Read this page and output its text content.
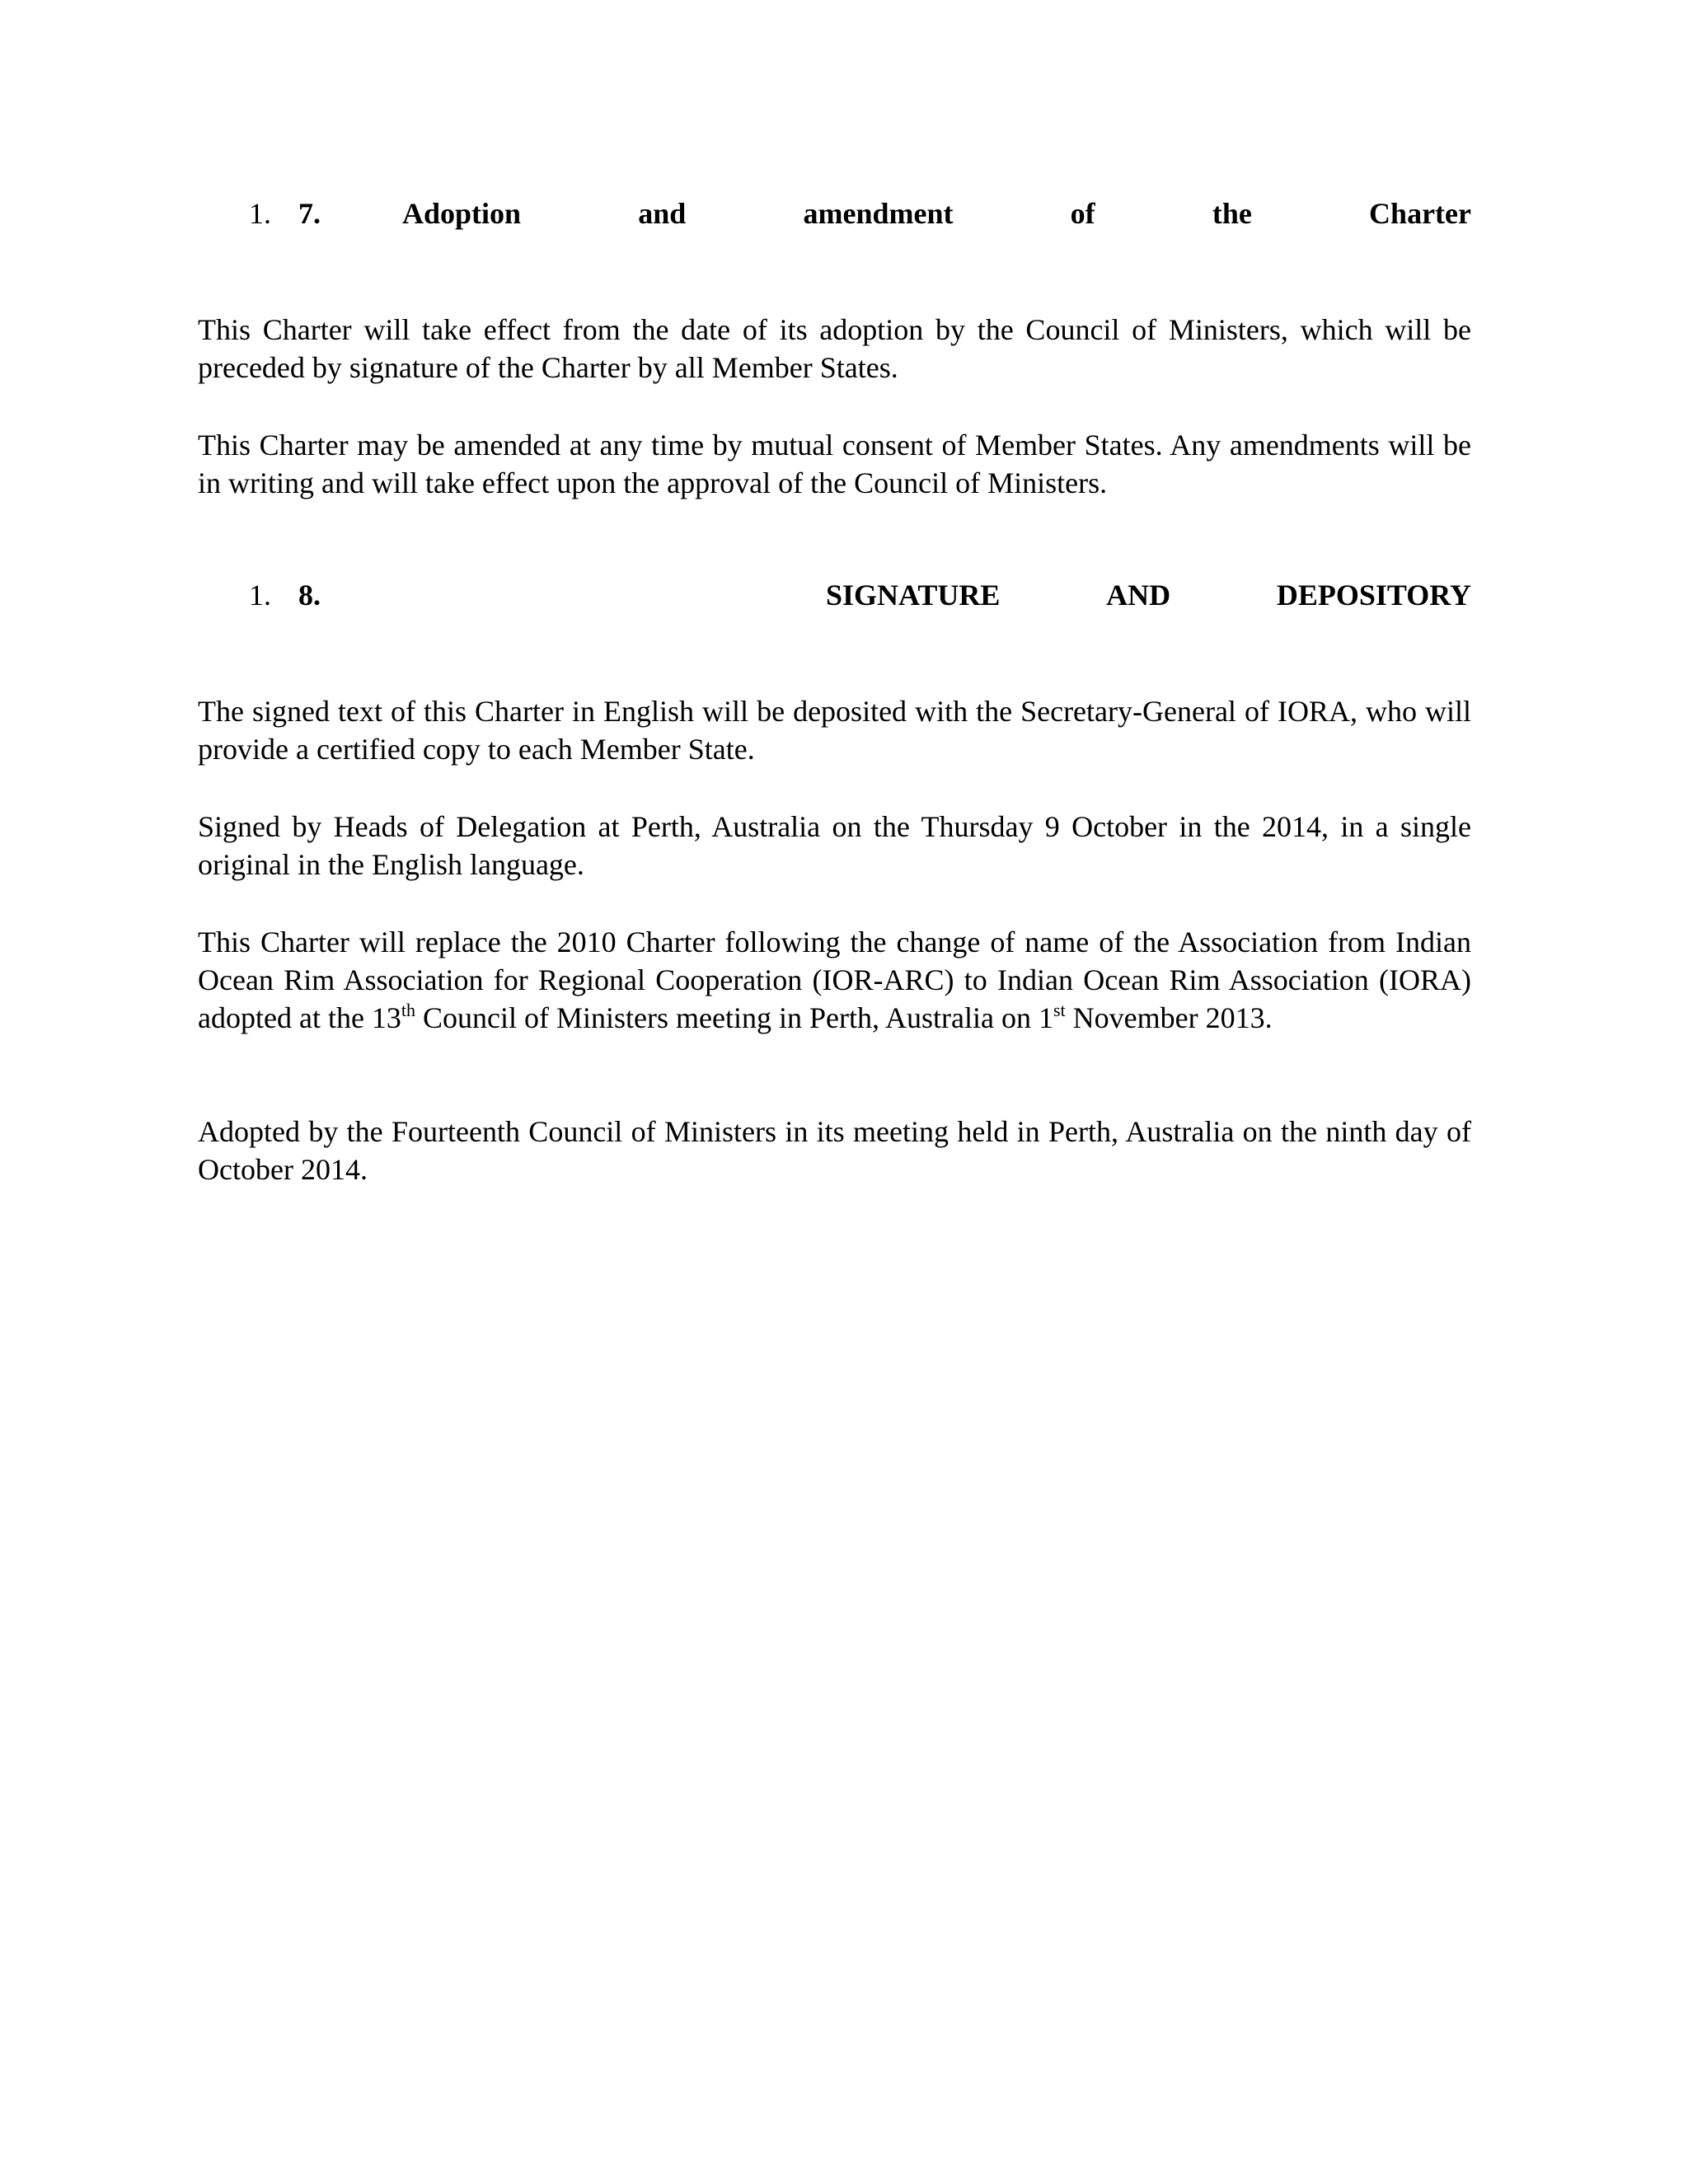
1. 7.	Adoption	and	amendment	of	the	Charter

This Charter will take effect from the date of its adoption by the Council of Ministers, which will be preceded by signature of the Charter by all Member States.

This Charter may be amended at any time by mutual consent of Member States. Any amendments will be in writing and will take effect upon the approval of the Council of Ministers.

1. 8.	SIGNATURE	AND	DEPOSITORY

The signed text of this Charter in English will be deposited with the Secretary-General of IORA, who will provide a certified copy to each Member State.

Signed by Heads of Delegation at Perth, Australia on the Thursday 9 October in the 2014, in a single original in the English language.

This Charter will replace the 2010 Charter following the change of name of the Association from Indian Ocean Rim Association for Regional Cooperation (IOR-ARC) to Indian Ocean Rim Association (IORA) adopted at the 13th Council of Ministers meeting in Perth, Australia on 1st November 2013.

Adopted by the Fourteenth Council of Ministers in its meeting held in Perth, Australia on the ninth day of October 2014.
